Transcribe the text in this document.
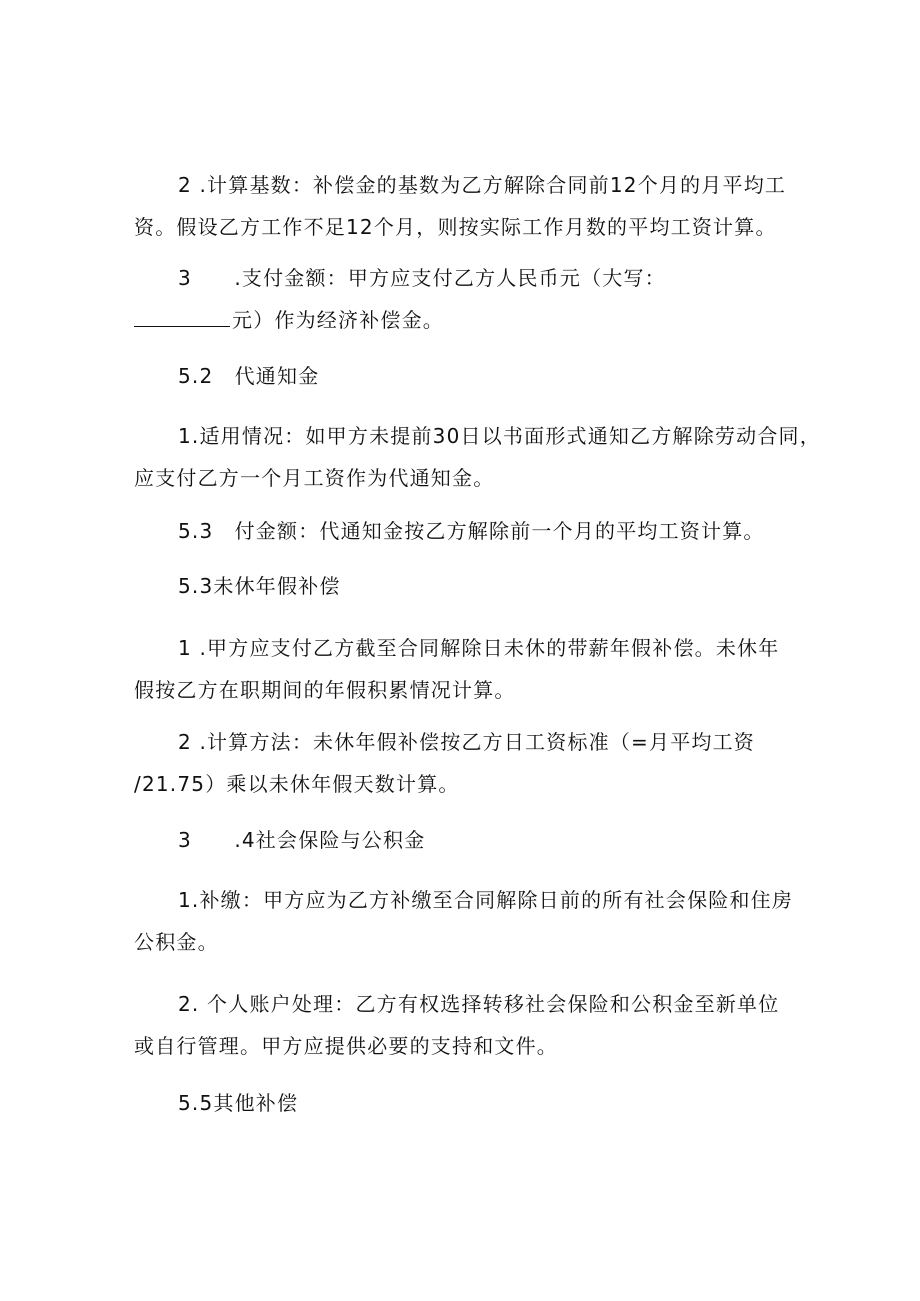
2 .计算基数：补偿金的基数为乙方解除合同前12个月的月平均工
资。假设乙方工作不足12个月，则按实际工作月数的平均工资计算。
3　　.支付金额：甲方应支付乙方人民币元（大写：
元）作为经济补偿金。
5.2　代通知金
1.适用情况：如甲方未提前30日以书面形式通知乙方解除劳动合同，
应支付乙方一个月工资作为代通知金。
5.3　付金额：代通知金按乙方解除前一个月的平均工资计算。
5.3未休年假补偿
1 .甲方应支付乙方截至合同解除日未休的带薪年假补偿。未休年
假按乙方在职期间的年假积累情况计算。
2 .计算方法：未休年假补偿按乙方日工资标准（=月平均工资
/21.75）乘以未休年假天数计算。
3　　.4社会保险与公积金
1.补缴：甲方应为乙方补缴至合同解除日前的所有社会保险和住房
公积金。
2. 个人账户处理：乙方有权选择转移社会保险和公积金至新单位
或自行管理。甲方应提供必要的支持和文件。
5.5其他补偿
